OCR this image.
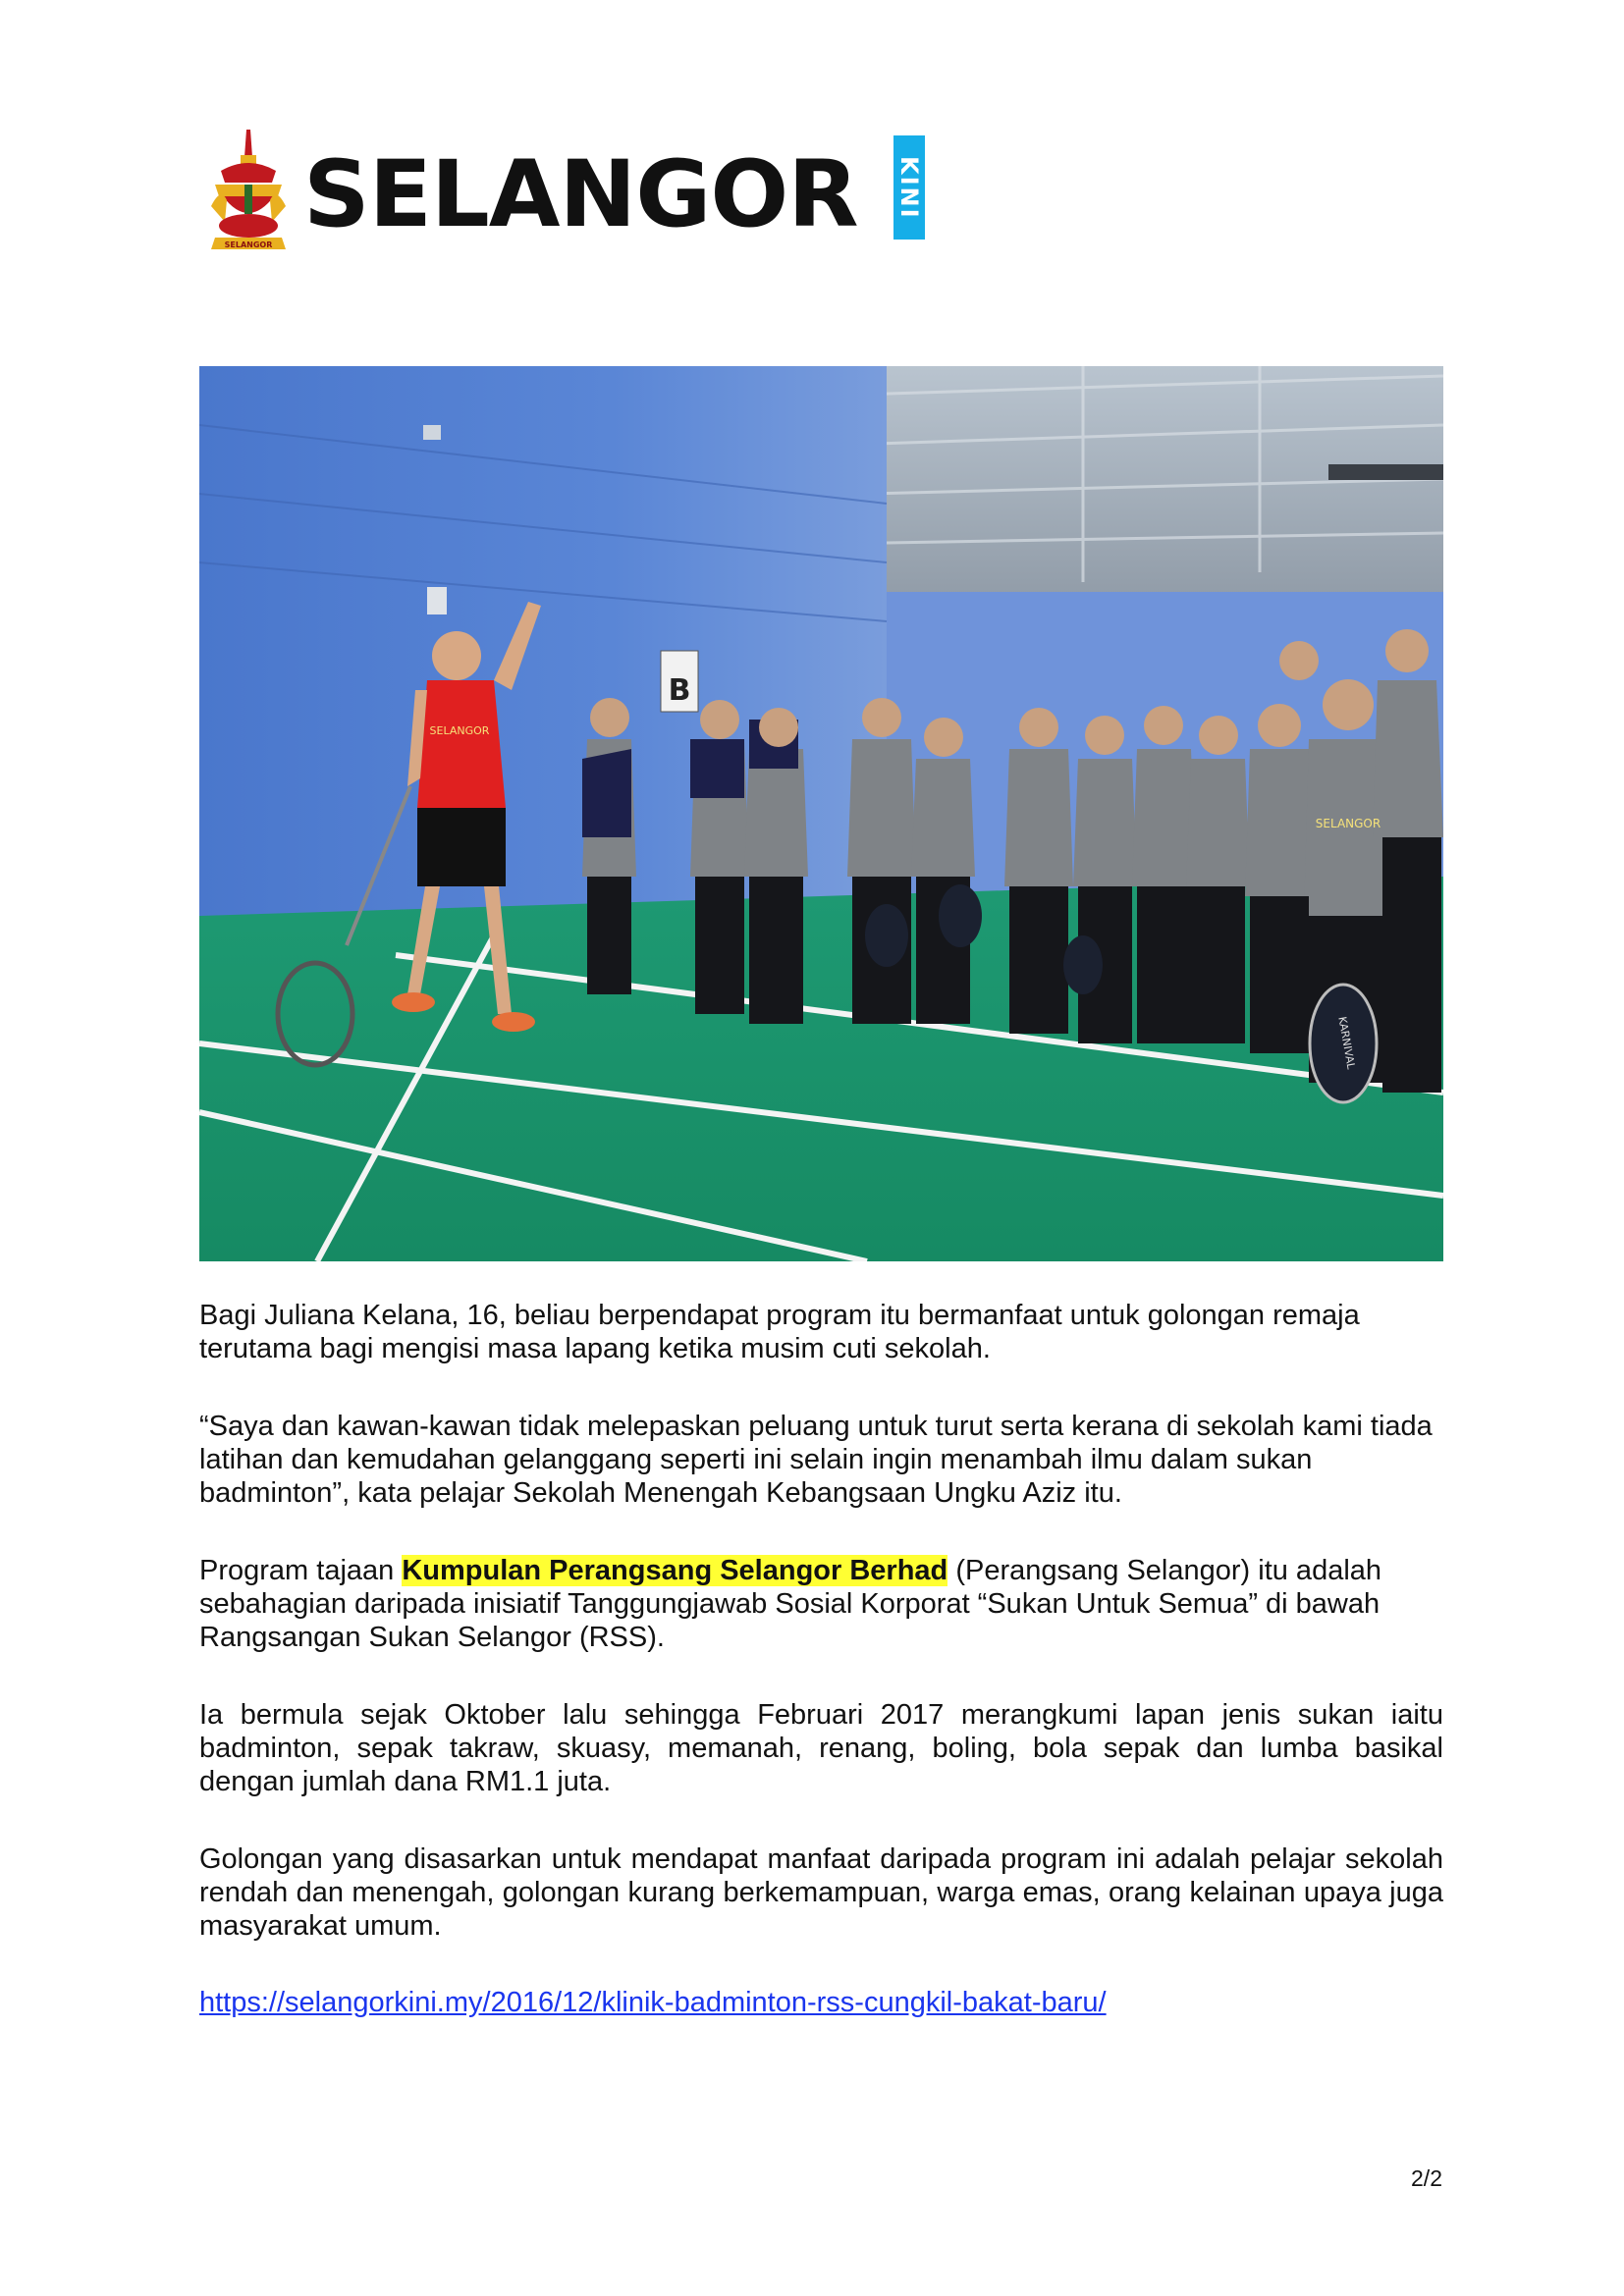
SELANGOR SELANGOR KINI
B
SELANGOR
SELANGOR
KARNIVAL

Bagi Juliana Kelana, 16, beliau berpendapat program itu bermanfaat untuk golongan remaja terutama bagi mengisi masa lapang ketika musim cuti sekolah.

“Saya dan kawan-kawan tidak melepaskan peluang untuk turut serta kerana di sekolah kami tiada latihan dan kemudahan gelanggang seperti ini selain ingin menambah ilmu dalam sukan badminton”, kata pelajar Sekolah Menengah Kebangsaan Ungku Aziz itu.

Program tajaan Kumpulan Perangsang Selangor Berhad (Perangsang Selangor) itu adalah sebahagian daripada inisiatif Tanggungjawab Sosial Korporat “Sukan Untuk Semua” di bawah Rangsangan Sukan Selangor (RSS).

Ia bermula sejak Oktober lalu sehingga Februari 2017 merangkumi lapan jenis sukan iaitu badminton, sepak takraw, skuasy, memanah, renang, boling, bola sepak dan lumba basikal dengan jumlah dana RM1.1 juta.

Golongan yang disasarkan untuk mendapat manfaat daripada program ini adalah pelajar sekolah rendah dan menengah, golongan kurang berkemampuan, warga emas, orang kelainan upaya juga masyarakat umum.

https://selangorkini.my/2016/12/klinik-badminton-rss-cungkil-bakat-baru/

2/2
